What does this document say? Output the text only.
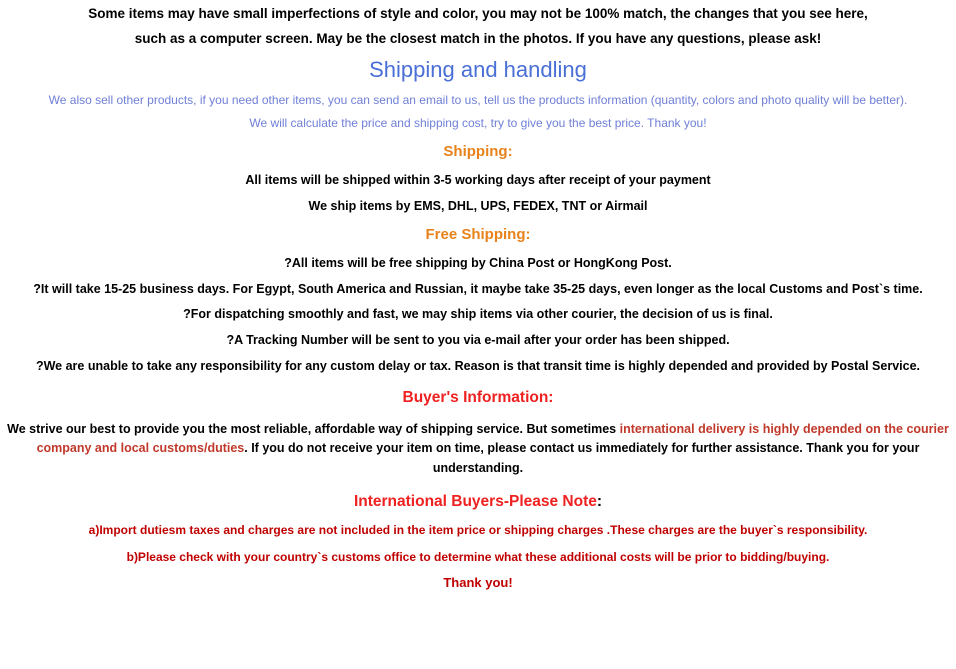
Some items may have small imperfections of style and color, you may not be 100% match, the changes that you see here,
such as a computer screen. May be the closest match in the photos. If you have any questions, please ask!
Shipping and handling
We also sell other products, if you need other items, you can send an email to us, tell us the products information (quantity, colors and photo quality will be better).
We will calculate the price and shipping cost, try to give you the best price. Thank you!
Shipping:
All items will be shipped within 3-5 working days after receipt of your payment
We ship items by EMS, DHL, UPS, FEDEX, TNT or Airmail
Free Shipping:
?All items will be free shipping by China Post or HongKong Post.
?It will take 15-25 business days. For Egypt, South America and Russian, it maybe take 35-25 days, even longer as the local Customs and Post`s time.
?For dispatching smoothly and fast, we may ship items via other courier, the decision of us is final.
?A Tracking Number will be sent to you via e-mail after your order has been shipped.
?We are unable to take any responsibility for any custom delay or tax. Reason is that transit time is highly depended and provided by Postal Service.
Buyer's Information:
We strive our best to provide you the most reliable, affordable way of shipping service. But sometimes international delivery is highly depended on the courier company and local customs/duties. If you do not receive your item on time, please contact us immediately for further assistance. Thank you for your understanding.
International Buyers-Please Note:
a)Import dutiesm taxes and charges are not included in the item price or shipping charges .These charges are the buyer`s responsibility.
b)Please check with your country`s customs office to determine what these additional costs will be prior to bidding/buying.
Thank you!
